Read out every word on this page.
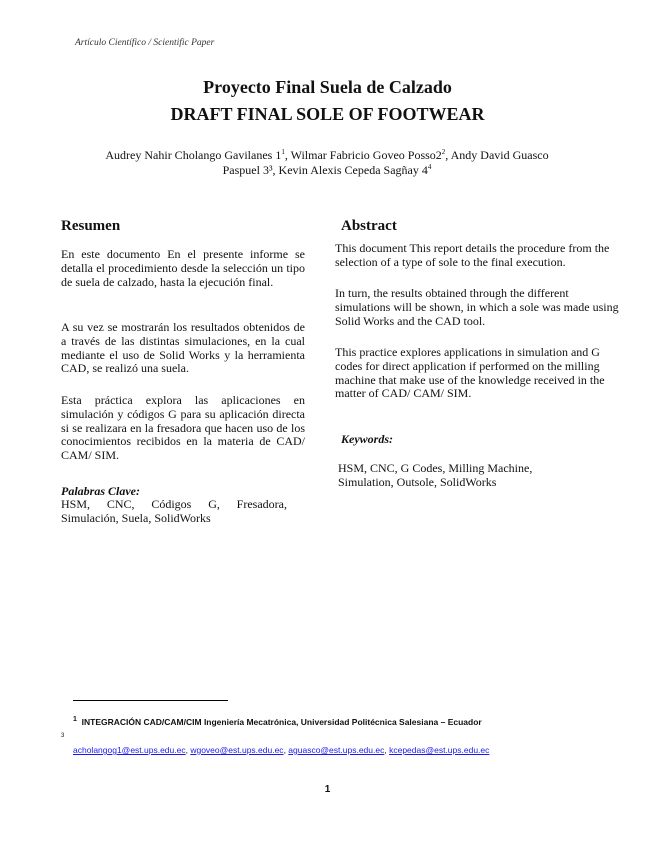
Artículo Científico / Scientific Paper
Proyecto Final Suela de Calzado
DRAFT FINAL SOLE OF FOOTWEAR
Audrey Nahir Cholango Gavilanes $1^1$, Wilmar Fabricio Goveo $Posso2^2$, Andy David Guasco
Paspuel 3³, Kevin Alexis Cepeda Sagñay $4^4$
Resumen
En este documento En el presente informe se detalla el procedimiento desde la selección un tipo de suela de calzado, hasta la ejecución final.
A su vez se mostrarán los resultados obtenidos de a través de las distintas simulaciones, en la cual mediante el uso de Solid Works y la herramienta CAD, se realizó una suela.
Esta práctica explora las aplicaciones en simulación y códigos G para su aplicación directa si se realizara en la fresadora que hacen uso de los conocimientos recibidos en la materia de CAD/ CAM/ SIM.
Palabras Clave:
HSM, CNC, Códigos G, Fresadora, Simulación, Suela, SolidWorks
Abstract
This document This report details the procedure from the selection of a type of sole to the final execution.
In turn, the results obtained through the different simulations will be shown, in which a sole was made using Solid Works and the CAD tool.
This practice explores applications in simulation and G codes for direct application if performed on the milling machine that make use of the knowledge received in the matter of CAD/ CAM/ SIM.
Keywords:
HSM, CNC, G Codes, Milling Machine, Simulation, Outsole, SolidWorks
$^1$ INTEGRACIÓN CAD/CAM/CIM Ingeniería Mecatrónica, Universidad Politécnica Salesiana – Ecuador
3
acholangog1@est.ups.edu.ec, wgoveo@est.ups.edu.ec, aguasco@est.ups.edu.ec, kcepedas@est.ups.edu.ec
1
